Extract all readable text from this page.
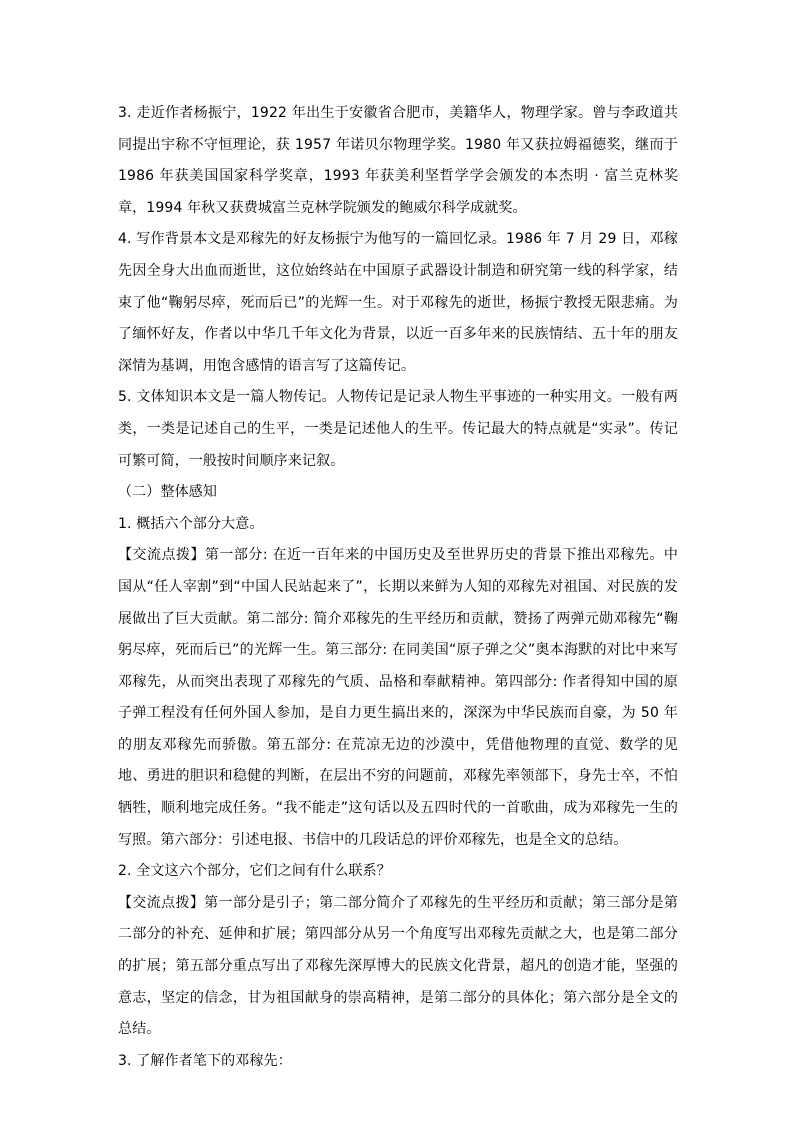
3. 走近作者杨振宁，1922 年出生于安徽省合肥市，美籍华人，物理学家。曾与李政道共同提出宇称不守恒理论，获 1957 年诺贝尔物理学奖。1980 年又获拉姆福德奖，继而于 1986 年获美国国家科学奖章，1993 年获美利坚哲学学会颁发的本杰明 · 富兰克林奖章，1994 年秋又获费城富兰克林学院颁发的鲍威尔科学成就奖。

4. 写作背景本文是邓稼先的好友杨振宁为他写的一篇回忆录。1986 年 7 月 29 日，邓稼先因全身大出血而逝世，这位始终站在中国原子武器设计制造和研究第一线的科学家，结束了他“鞠躬尽瘁，死而后已”的光辉一生。对于邓稼先的逝世，杨振宁教授无限悲痛。为了缅怀好友，作者以中华几千年文化为背景，以近一百多年来的民族情结、五十年的朋友深情为基调，用饱含感情的语言写了这篇传记。

5. 文体知识本文是一篇人物传记。人物传记是记录人物生平事迹的一种实用文。一般有两类，一类是记述自己的生平，一类是记述他人的生平。传记最大的特点就是“实录”。传记可繁可简，一般按时间顺序来记叙。

（二）整体感知

1. 概括六个部分大意。

【交流点拨】第一部分: 在近一百年来的中国历史及至世界历史的背景下推出邓稼先。中国从“任人宰割”到“中国人民站起来了”，长期以来鲜为人知的邓稼先对祖国、对民族的发展做出了巨大贡献。第二部分: 简介邓稼先的生平经历和贡献，赞扬了两弹元勋邓稼先“鞠躬尽瘁，死而后已”的光辉一生。第三部分: 在同美国“原子弹之父”奥本海默的对比中来写邓稼先，从而突出表现了邓稼先的气质、品格和奉献精神。第四部分: 作者得知中国的原子弹工程没有任何外国人参加，是自力更生搞出来的，深深为中华民族而自豪，为 50 年的朋友邓稼先而骄傲。第五部分: 在荒凉无边的沙漠中，凭借他物理的直觉、数学的见地、勇进的胆识和稳健的判断，在层出不穷的问题前，邓稼先率领部下，身先士卒，不怕牺牲，顺利地完成任务。“我不能走”这句话以及五四时代的一首歌曲，成为邓稼先一生的写照。第六部分：引述电报、书信中的几段话总的评价邓稼先，也是全文的总结。

2. 全文这六个部分，它们之间有什么联系？

【交流点拨】第一部分是引子；第二部分简介了邓稼先的生平经历和贡献；第三部分是第二部分的补充、延伸和扩展；第四部分从另一个角度写出邓稼先贡献之大，也是第二部分的扩展；第五部分重点写出了邓稼先深厚博大的民族文化背景，超凡的创造才能，坚强的意志，坚定的信念，甘为祖国献身的崇高精神，是第二部分的具体化；第六部分是全文的总结。

3. 了解作者笔下的邓稼先：
